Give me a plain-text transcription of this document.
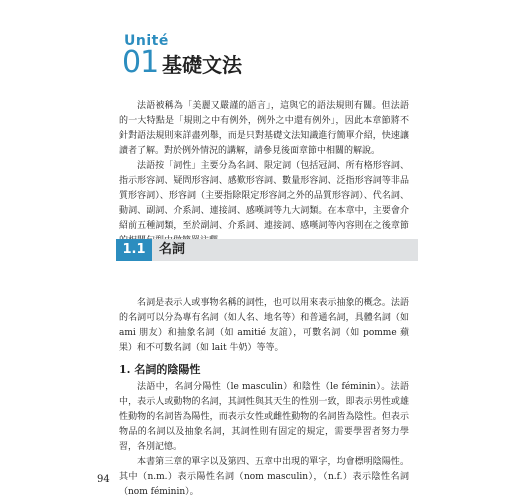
Unité
01 基礎文法

法語被稱為「美麗又嚴謹的語言」，這與它的語法規則有關。但法語的一大特點是「規則之中有例外，例外之中還有例外」，因此本章節將不針對語法規則來詳盡列舉，而是只對基礎文法知識進行簡單介紹，快速讓讀者了解。對於例外情況的講解，請參見後面章節中相關的解說。

法語按「詞性」主要分為名詞、限定詞（包括冠詞、所有格形容詞、指示形容詞、疑問形容詞、感歎形容詞、數量形容詞、泛指形容詞等非品質形容詞）、形容詞（主要指除限定形容詞之外的品質形容詞）、代名詞、動詞、副詞、介系詞、連接詞、感嘆詞等九大詞類。在本章中，主要會介紹前五種詞類，至於副詞、介系詞、連接詞、感嘆詞等內容則在之後章節

1.1	名詞

名詞是表示人或事物名稱的詞性，也可以用來表示抽象的概念。法語的名詞可以分為專有名詞（如人名、地名等）和普通名詞，具體名詞（如 ami 朋友）和抽象名詞（如 amitié 友誼），可數名詞（如 pomme 蘋果）和不可數名詞（如 lait 牛奶）等等。

1. 名詞的陰陽性

法語中，名詞分陽性（le masculin）和陰性（le féminin）。法語中，表示人或動物的名詞，其詞性與其天生的性別一致，即表示男性或雄性動物的名詞皆為陽性，而表示女性或雌性動物的名詞皆為陰性。但表示物品的名詞以及抽象名詞，其詞性則有固定的規定，需要學習者努力學習，各別記憶。

本書第三章的單字以及第四、五章中出現的單字，均會標明陰陽性。其中（n.m.）表示陽性名詞（nom masculin），（n.f.）表示陰性名詞（nom féminin）。

94
